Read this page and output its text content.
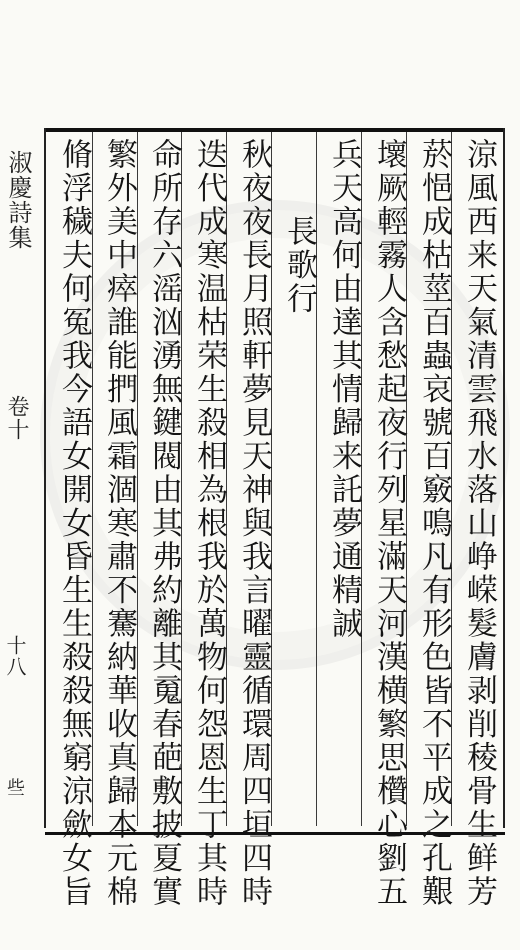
涼風西来天氣清雲飛水落山峥嵘髮膚剥削稜骨生鲜芳
菸悒成枯莖百蟲哀號百竅鳴凡有形色皆不平成之孔艱
壞厥輕霧人含愁起夜行列星滿天河漢横繁思欑心劉五
兵天高何由達其情歸来託夢通精誠
長歌行
秋夜夜長月照軒夢見天神與我言曜靈循環周四垣四時
迭代成寒温枯荣生殺相為根我於萬物何怨恩生丁其時
命所存六滛汹湧無鍵閥由其弗約離其䰟春葩敷披夏實
繁外美中瘁誰能捫風霜涸寒肅不騫納華收真歸本元棉
脩浮穢夫何冤我今語女開女昏生生殺殺無窮涼歛女旨
淑慶詩集
卷十
十八
些
